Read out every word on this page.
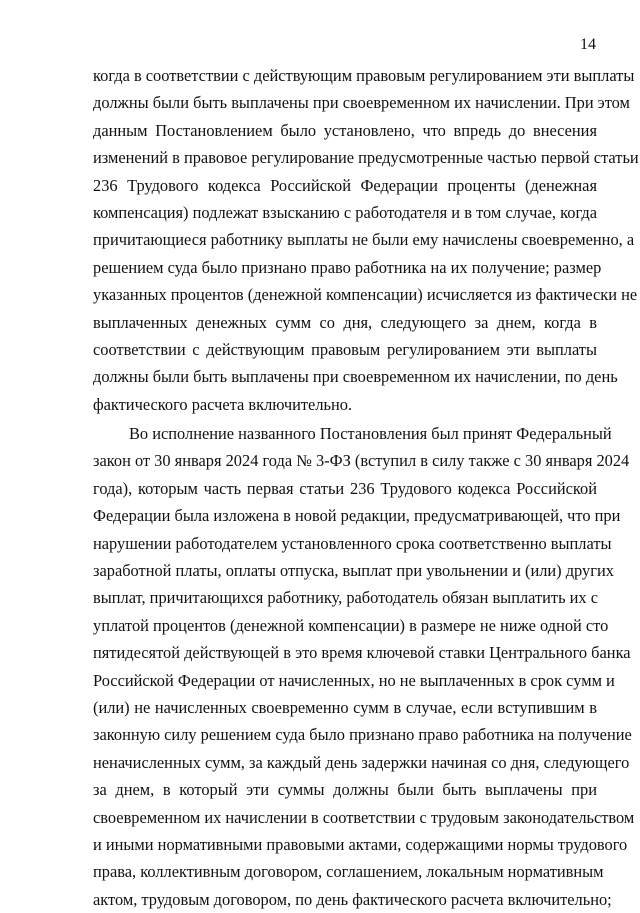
14
когда в соответствии с действующим правовым регулированием эти выплаты
должны были быть выплачены при своевременном их начислении. При этом
данным Постановлением было установлено, что впредь до внесения
изменений в правовое регулирование предусмотренные частью первой статьи
236 Трудового кодекса Российской Федерации проценты (денежная
компенсация) подлежат взысканию с работодателя и в том случае, когда
причитающиеся работнику выплаты не были ему начислены своевременно, а
решением суда было признано право работника на их получение; размер
указанных процентов (денежной компенсации) исчисляется из фактически не
выплаченных денежных сумм со дня, следующего за днем, когда в
соответствии с действующим правовым регулированием эти выплаты
должны были быть выплачены при своевременном их начислении, по день
фактического расчета включительно.
Во исполнение названного Постановления был принят Федеральный
закон от 30 января 2024 года № 3-ФЗ (вступил в силу также с 30 января 2024
года), которым часть первая статьи 236 Трудового кодекса Российской
Федерации была изложена в новой редакции, предусматривающей, что при
нарушении работодателем установленного срока соответственно выплаты
заработной платы, оплаты отпуска, выплат при увольнении и (или) других
выплат, причитающихся работнику, работодатель обязан выплатить их с
уплатой процентов (денежной компенсации) в размере не ниже одной сто
пятидесятой действующей в это время ключевой ставки Центрального банка
Российской Федерации от начисленных, но не выплаченных в срок сумм и
(или) не начисленных своевременно сумм в случае, если вступившим в
законную силу решением суда было признано право работника на получение
неначисленных сумм, за каждый день задержки начиная со дня, следующего
за днем, в который эти суммы должны были быть выплачены при
своевременном их начислении в соответствии с трудовым законодательством
и иными нормативными правовыми актами, содержащими нормы трудового
права, коллективным договором, соглашением, локальным нормативным
актом, трудовым договором, по день фактического расчета включительно;
